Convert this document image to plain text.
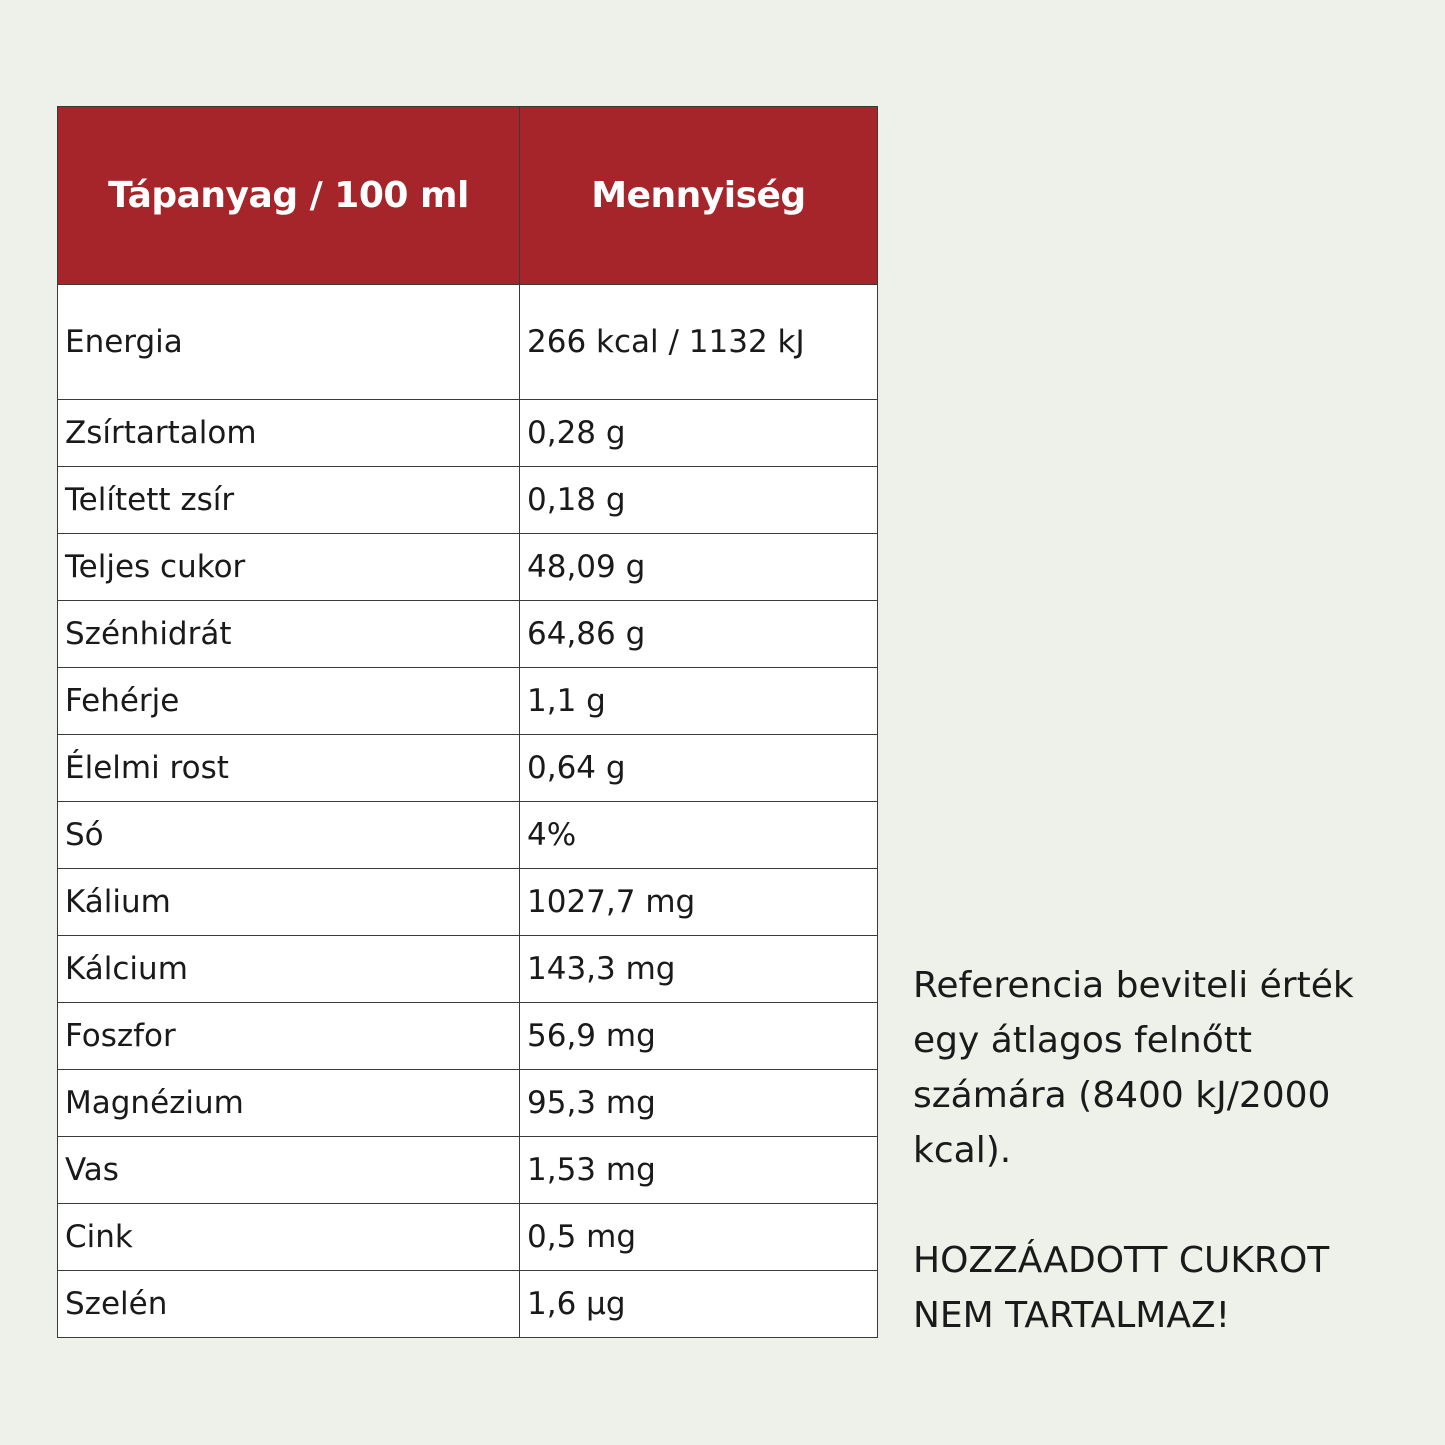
Tápanyag / 100 ml	Mennyiség
Energia	266 kcal / 1132 kJ
Zsírtartalom	0,28 g
Telített zsír	0,18 g
Teljes cukor	48,09 g
Szénhidrát	64,86 g
Fehérje	1,1 g
Élelmi rost	0,64 g
Só	4%
Kálium	1027,7 mg
Kálcium	143,3 mg
Foszfor	56,9 mg
Magnézium	95,3 mg
Vas	1,53 mg
Cink	0,5 mg
Szelén	1,6 µg

Referencia beviteli érték
egy átlagos felnőtt
számára (8400 kJ/2000
kcal).

HOZZÁADOTT CUKROT
NEM TARTALMAZ!
